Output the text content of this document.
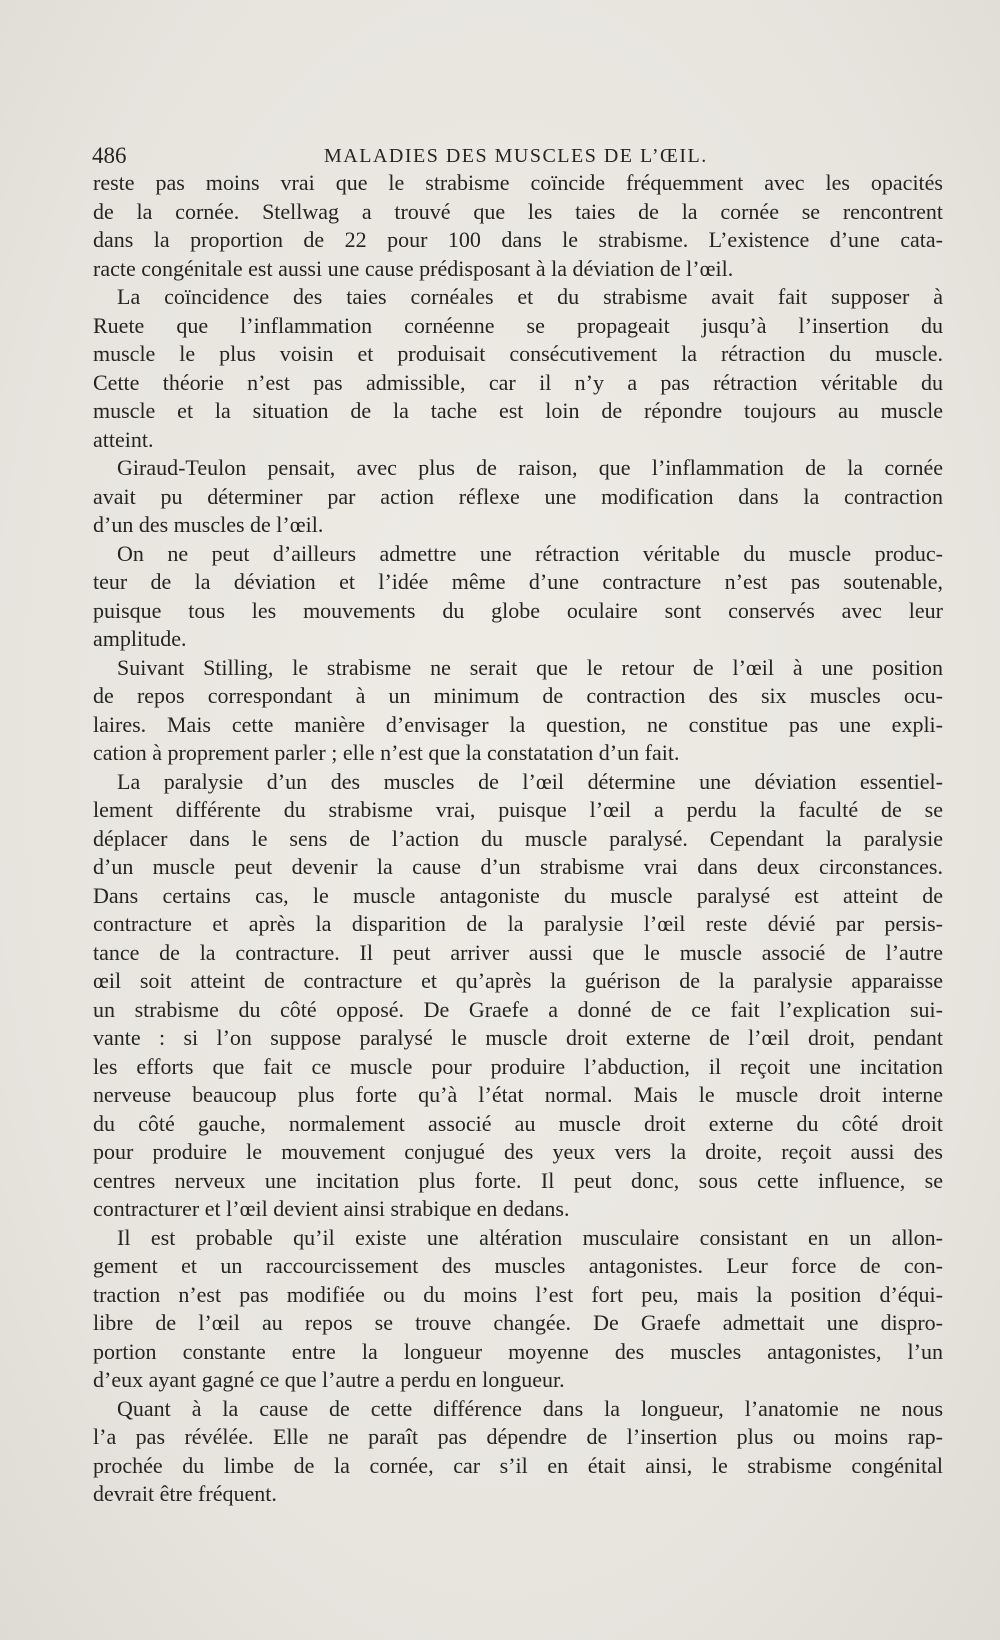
486	MALADIES DES MUSCLES DE L’ŒIL.
reste pas moins vrai que le strabisme coïncide fréquemment avec les opacités
de la cornée. Stellwag a trouvé que les taies de la cornée se rencontrent
dans la proportion de 22 pour 100 dans le strabisme. L’existence d’une cata-
racte congénitale est aussi une cause prédisposant à la déviation de l’œil.
La coïncidence des taies cornéales et du strabisme avait fait supposer à
Ruete que l’inflammation cornéenne se propageait jusqu’à l’insertion du
muscle le plus voisin et produisait consécutivement la rétraction du muscle.
Cette théorie n’est pas admissible, car il n’y a pas rétraction véritable du
muscle et la situation de la tache est loin de répondre toujours au muscle
atteint.
Giraud-Teulon pensait, avec plus de raison, que l’inflammation de la cornée
avait pu déterminer par action réflexe une modification dans la contraction
d’un des muscles de l’œil.
On ne peut d’ailleurs admettre une rétraction véritable du muscle produc-
teur de la déviation et l’idée même d’une contracture n’est pas soutenable,
puisque tous les mouvements du globe oculaire sont conservés avec leur
amplitude.
Suivant Stilling, le strabisme ne serait que le retour de l’œil à une position
de repos correspondant à un minimum de contraction des six muscles ocu-
laires. Mais cette manière d’envisager la question, ne constitue pas une expli-
cation à proprement parler ; elle n’est que la constatation d’un fait.
La paralysie d’un des muscles de l’œil détermine une déviation essentiel-
lement différente du strabisme vrai, puisque l’œil a perdu la faculté de se
déplacer dans le sens de l’action du muscle paralysé. Cependant la paralysie
d’un muscle peut devenir la cause d’un strabisme vrai dans deux circonstances.
Dans certains cas, le muscle antagoniste du muscle paralysé est atteint de
contracture et après la disparition de la paralysie l’œil reste dévié par persis-
tance de la contracture. Il peut arriver aussi que le muscle associé de l’autre
œil soit atteint de contracture et qu’après la guérison de la paralysie apparaisse
un strabisme du côté opposé. De Graefe a donné de ce fait l’explication sui-
vante : si l’on suppose paralysé le muscle droit externe de l’œil droit, pendant
les efforts que fait ce muscle pour produire l’abduction, il reçoit une incitation
nerveuse beaucoup plus forte qu’à l’état normal. Mais le muscle droit interne
du côté gauche, normalement associé au muscle droit externe du côté droit
pour produire le mouvement conjugué des yeux vers la droite, reçoit aussi des
centres nerveux une incitation plus forte. Il peut donc, sous cette influence, se
contracturer et l’œil devient ainsi strabique en dedans.
Il est probable qu’il existe une altération musculaire consistant en un allon-
gement et un raccourcissement des muscles antagonistes. Leur force de con-
traction n’est pas modifiée ou du moins l’est fort peu, mais la position d’équi-
libre de l’œil au repos se trouve changée. De Graefe admettait une dispro-
portion constante entre la longueur moyenne des muscles antagonistes, l’un
d’eux ayant gagné ce que l’autre a perdu en longueur.
Quant à la cause de cette différence dans la longueur, l’anatomie ne nous
l’a pas révélée. Elle ne paraît pas dépendre de l’insertion plus ou moins rap-
prochée du limbe de la cornée, car s’il en était ainsi, le strabisme congénital
devrait être fréquent.
